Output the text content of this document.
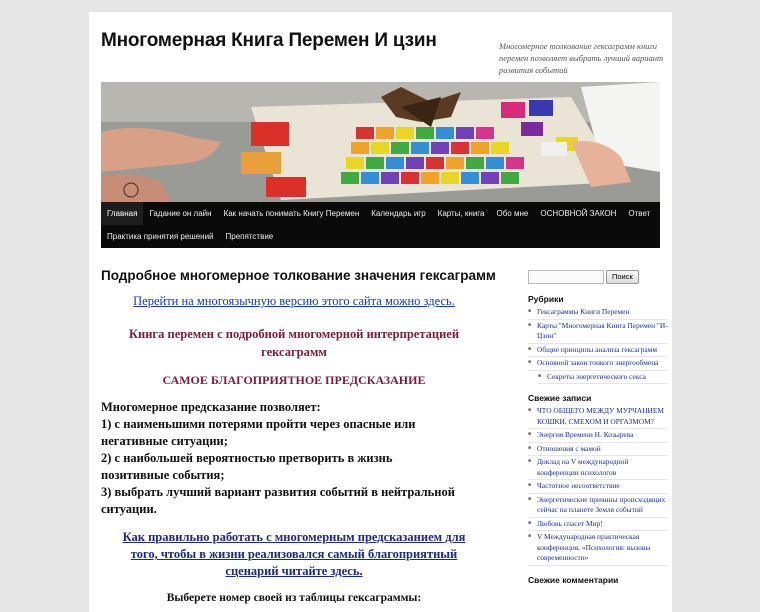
Многомерная Книга Перемен И цзин	Многомерное толкование гексаграмм книги перемен позволяет выбрать лучший вариант развития событий
Главная	Гадание он лайн	Как начать понимать Книгу Перемен	Календарь игр	Карты, книга	Обо мне	ОСНОВНОЙ ЗАКОН	Ответ
Практика принятия решений	Препятствие
Подробное многомерное толкование значения гексаграмм
Перейти на многоязычную версию этого сайта можно здесь.
Книга перемен с подробной многомерной интерпретацией
гексаграмм
САМОЕ БЛАГОПРИЯТНОЕ ПРЕДСКАЗАНИЕ
Многомерное предсказание позволяет:
1) с наименьшими потерями пройти через опасные или
негативные ситуации;
2) с наибольшей вероятностью претворить в жизнь
позитивные события;
3) выбрать лучший вариант развития событий в нейтральной
ситуации.
Как правильно работать с многомерным предсказанием для
того, чтобы в жизни реализовался самый благоприятный
сценарий читайте здесь.
Выберете номер своей из таблицы гексаграммы:
Поиск
Рубрики
■ Гексаграммы Книги Перемен
■ Карты "Многомерная Книга Перемен "И-Цзин"
■ Общие принципы анализа гексаграмм
■ Основной закон тонкого энергообмена
■ Секреты энергетического секса
Свежие записи
■ ЧТО ОБЩЕГО МЕЖДУ МУРЧАНИЕМ КОШКИ, СМЕХОМ И ОРГАЗМОМ?
■ Энергия Времени Н. Козырева
■ Отношения с мамой
■ Доклад на V международной конференции психологов
■ Частотное несоответствие
■ Энергетические причины происходящих сейчас на планете Земля событий
■ Любовь спасет Мир!
■ V Международная практическая конференция. «Психология: вызовы современности»
Свежие комментарии
